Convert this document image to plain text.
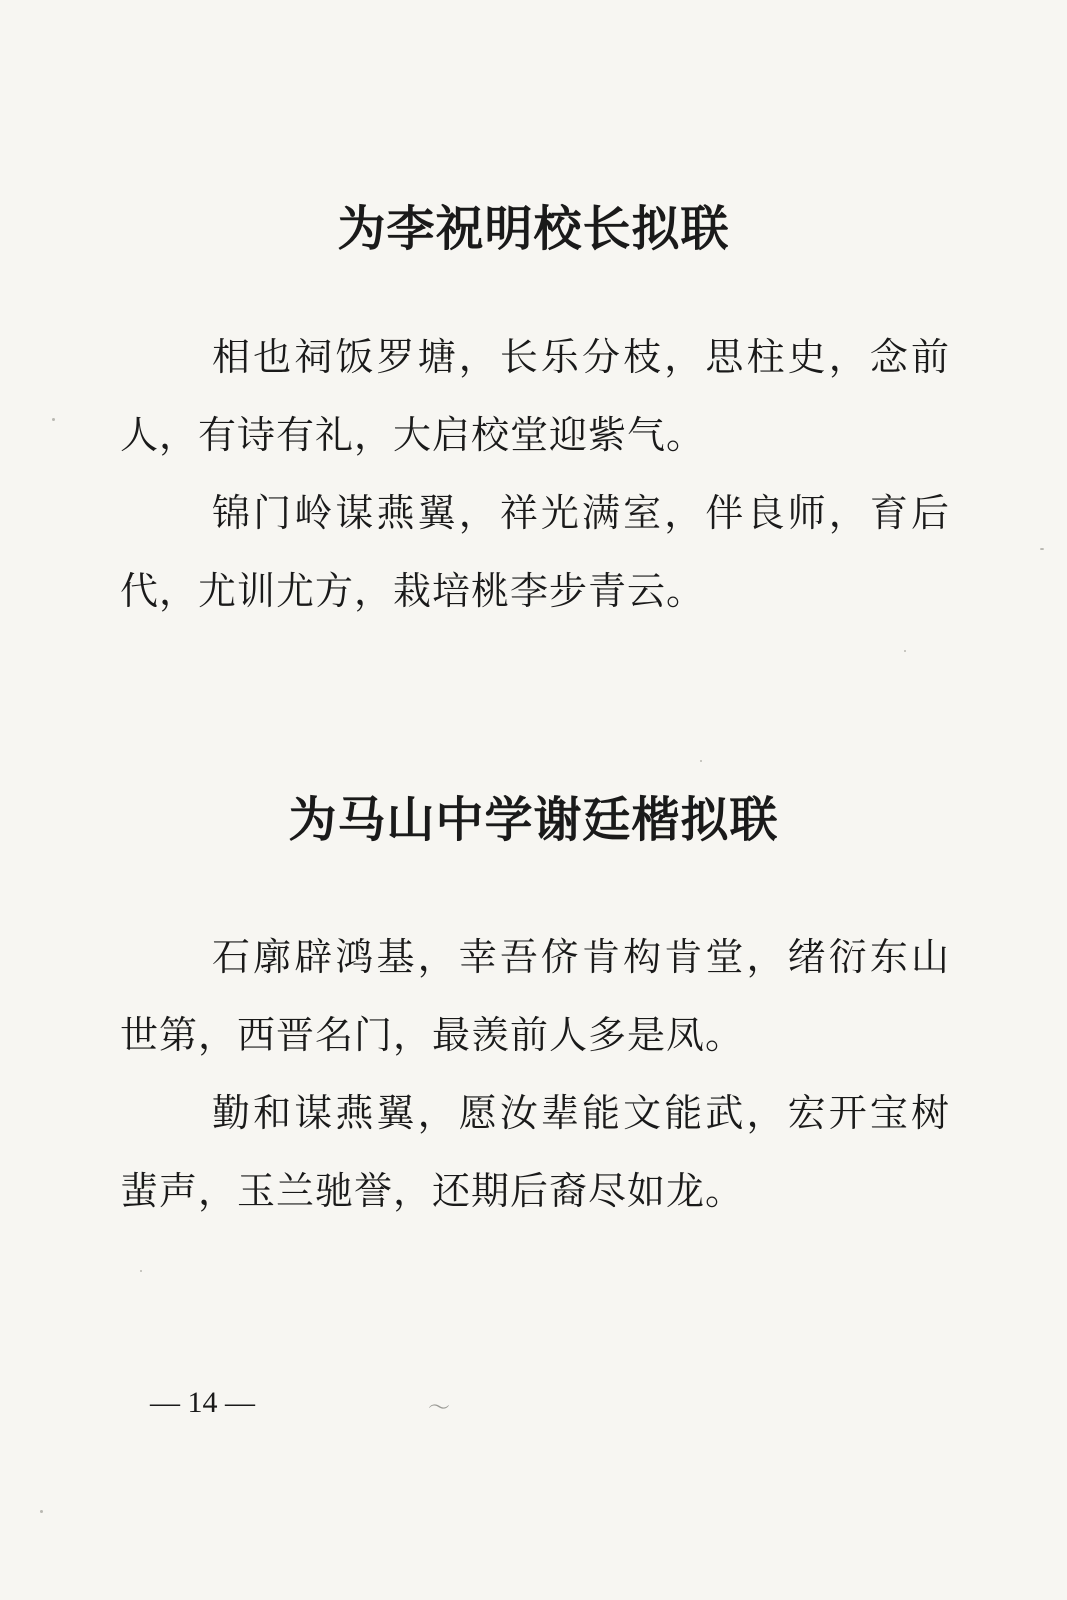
为李祝明校长拟联

相也祠饭罗塘，长乐分枝，思柱史，念前人，有诗有礼，大启校堂迎紫气。

锦门岭谋燕翼，祥光满室，伴良师，育后代，尤训尤方，栽培桃李步青云。

为马山中学谢廷楷拟联

石廓辟鸿基，幸吾侪肯构肯堂，绪衍东山世第，西晋名门，最羡前人多是凤。

勤和谋燕翼，愿汝辈能文能武，宏开宝树蜚声，玉兰驰誉，还期后裔尽如龙。

— 14 —	〜
